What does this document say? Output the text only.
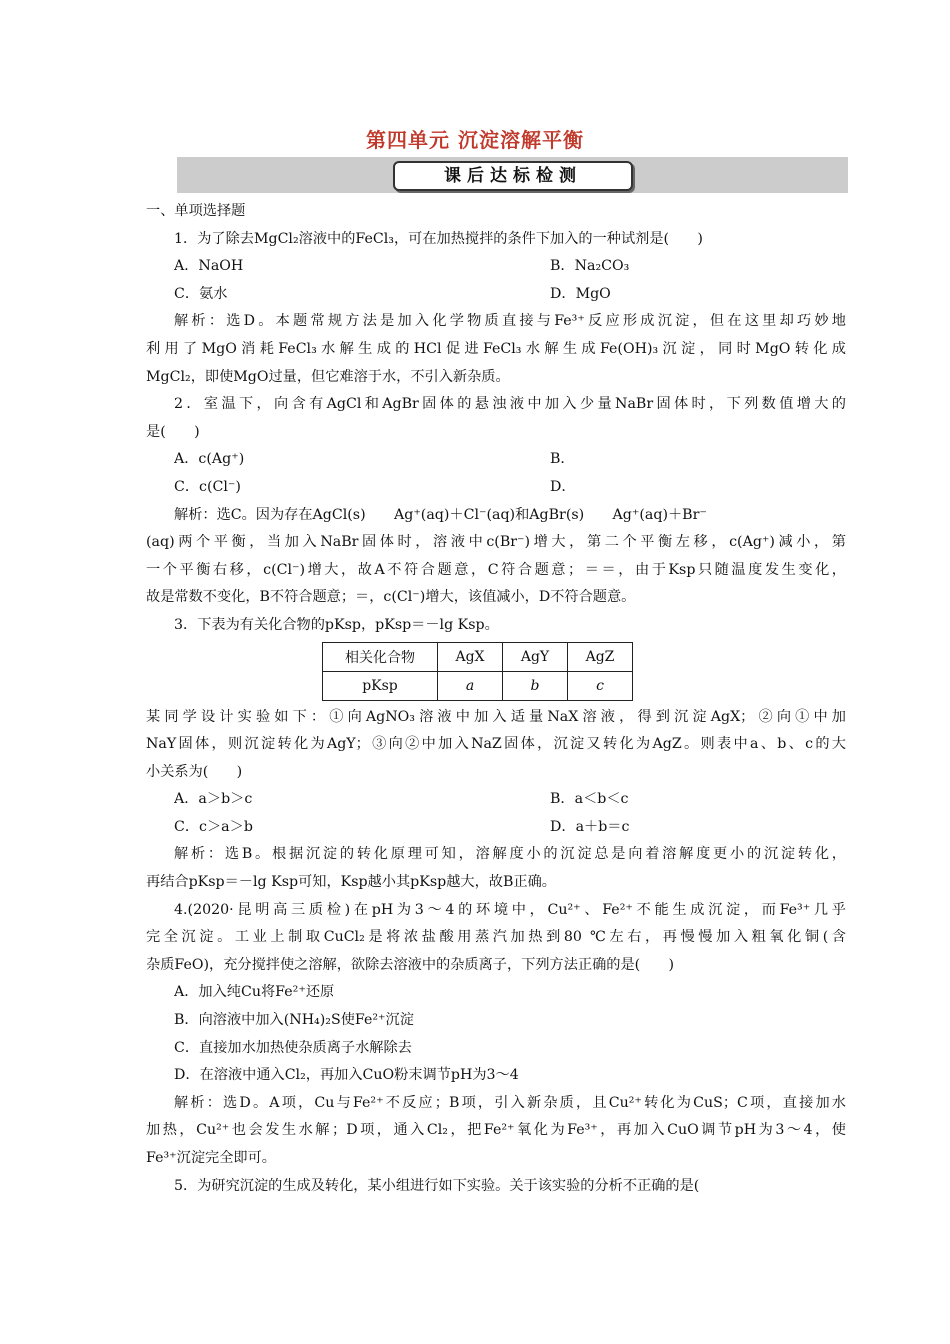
第四单元 沉淀溶解平衡
课后达标检测
一、单项选择题
1．为了除去MgCl₂溶液中的FeCl₃，可在加热搅拌的条件下加入的一种试剂是(　　)
A．NaOH	B．Na₂CO₃
C．氨水	D．MgO
解析：选D。本题常规方法是加入化学物质直接与Fe³⁺反应形成沉淀，但在这里却巧妙地
利用了MgO消耗FeCl₃水解生成的HCl促进FeCl₃水解生成Fe(OH)₃沉淀，同时MgO转化成
MgCl₂，即使MgO过量，但它难溶于水，不引入新杂质。
2．室温下，向含有AgCl和AgBr固体的悬浊液中加入少量NaBr固体时，下列数值增大的
是(　　)
A．c(Ag⁺)	B．
C．c(Cl⁻)	D．
解析：选C。因为存在AgCl(s)　　Ag⁺(aq)＋Cl⁻(aq)和AgBr(s)　　Ag⁺(aq)＋Br⁻
(aq)两个平衡，当加入NaBr固体时，溶液中c(Br⁻)增大，第二个平衡左移，c(Ag⁺)减小，第
一个平衡右移，c(Cl⁻)增大，故A不符合题意，C符合题意；＝＝，由于Ksp只随温度发生变化，
故是常数不变化，B不符合题意；＝，c(Cl⁻)增大，该值减小，D不符合题意。
3．下表为有关化合物的pKsp，pKsp＝－lg Ksp。
相关化合物	AgX	AgY	AgZ
pKsp	a	b	c
某同学设计实验如下：①向AgNO₃溶液中加入适量NaX溶液，得到沉淀AgX；②向①中加
NaY固体，则沉淀转化为AgY；③向②中加入NaZ固体，沉淀又转化为AgZ。则表中a、b、c的大
小关系为(　　)
A．a＞b＞c	B．a＜b＜c
C．c＞a＞b	D．a＋b＝c
解析：选B。根据沉淀的转化原理可知，溶解度小的沉淀总是向着溶解度更小的沉淀转化，
再结合pKsp＝－lg Ksp可知，Ksp越小其pKsp越大，故B正确。
4.(2020·昆明高三质检)在pH为3～4的环境中，Cu²⁺、Fe²⁺不能生成沉淀，而Fe³⁺几乎
完全沉淀。工业上制取CuCl₂是将浓盐酸用蒸汽加热到80 ℃左右，再慢慢加入粗氧化铜(含
杂质FeO)，充分搅拌使之溶解，欲除去溶液中的杂质离子，下列方法正确的是(　　)
A．加入纯Cu将Fe²⁺还原
B．向溶液中加入(NH₄)₂S使Fe²⁺沉淀
C．直接加水加热使杂质离子水解除去
D．在溶液中通入Cl₂，再加入CuO粉末调节pH为3～4
解析：选D。A项，Cu与Fe²⁺不反应；B项，引入新杂质，且Cu²⁺转化为CuS；C项，直接加水
加热，Cu²⁺也会发生水解；D项，通入Cl₂，把Fe²⁺氧化为Fe³⁺，再加入CuO调节pH为3～4，使
Fe³⁺沉淀完全即可。
5．为研究沉淀的生成及转化，某小组进行如下实验。关于该实验的分析不正确的是(
